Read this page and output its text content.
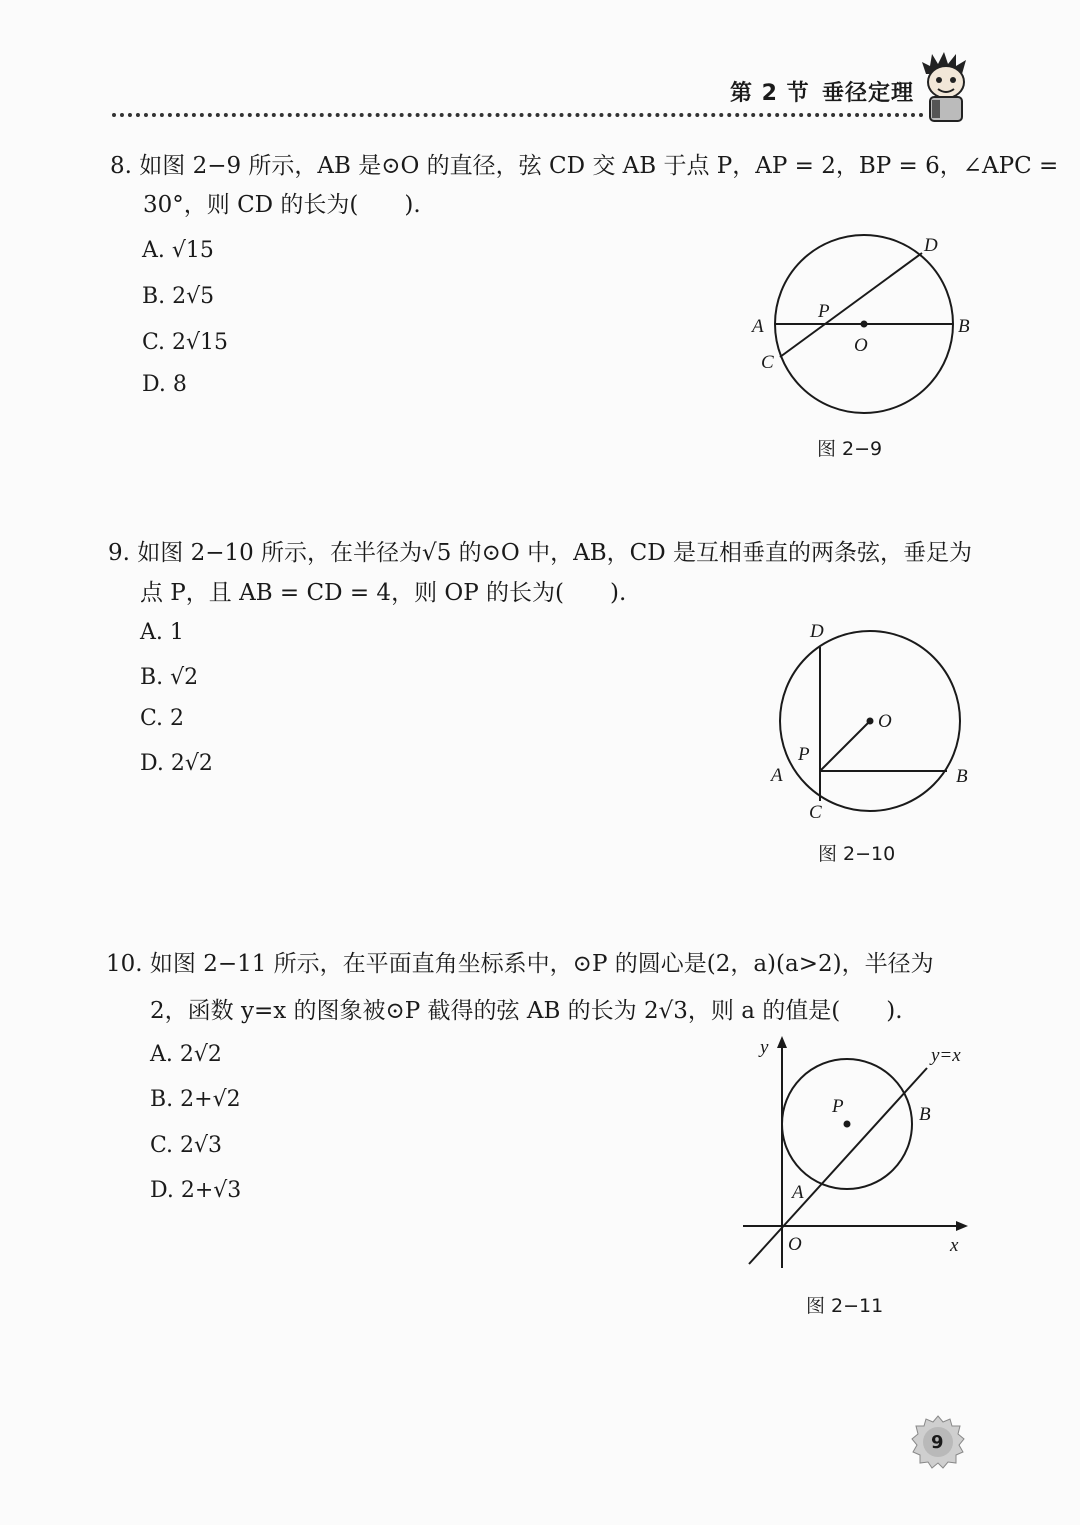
第 2 节 垂径定理
8. 如图 2−9 所示，AB 是⊙O 的直径，弦 CD 交 AB 于点 P，AP = 2，BP = 6，∠APC =
30°，则 CD 的长为(　　).
A. √15
B. 2√5
C. 2√15
D. 8
A	B
C
D
P
O
图 2−9
9. 如图 2−10 所示，在半径为√5 的⊙O 中，AB，CD 是互相垂直的两条弦，垂足为
点 P，且 AB = CD = 4，则 OP 的长为(　　).
A. 1
B. √2
C. 2
D. 2√2
D
O
P
A	B
C
图 2−10
10. 如图 2−11 所示，在平面直角坐标系中，⊙P 的圆心是(2，a)(a>2)，半径为
2，函数 y=x 的图象被⊙P 截得的弦 AB 的长为 2√3，则 a 的值是(　　).
A. 2√2
B. 2+√2
C. 2√3
D. 2+√3
y	y=x
P	B
A
O	x
图 2−11
9
